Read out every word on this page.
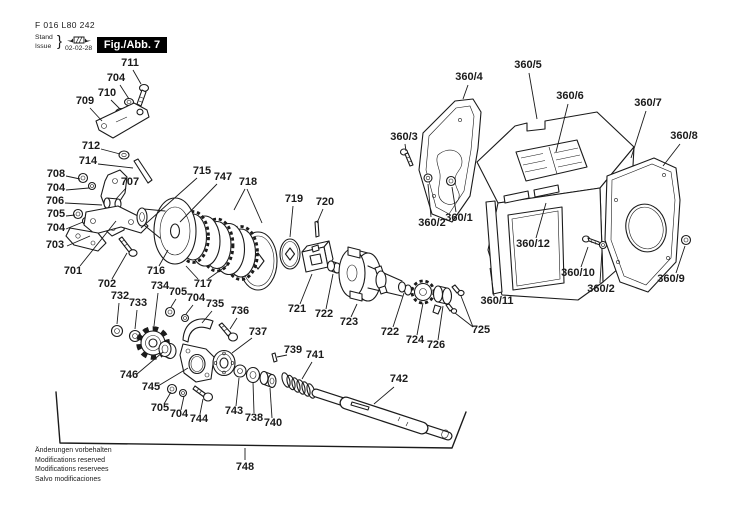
F 016 L80 242
Stand
Issue } 02-02-28 Fig./Abb. 7
711
704
710
709
712
714
708
704
706
705
704
707
703
701
702
715 747 718
716
717
719 720
721 722
723
722
724 726
725
732
733
734 705 704 735
736
737
746
745
705 704 744
743
738 740
739 741
742
748
360/4
360/5
360/6
360/7
360/8
360/3
360/2 360/1
360/12
360/11
360/10
360/2
360/9
Änderungen vorbehalten
Modifications reserved
Modifications reservees
Salvo modificaciones
